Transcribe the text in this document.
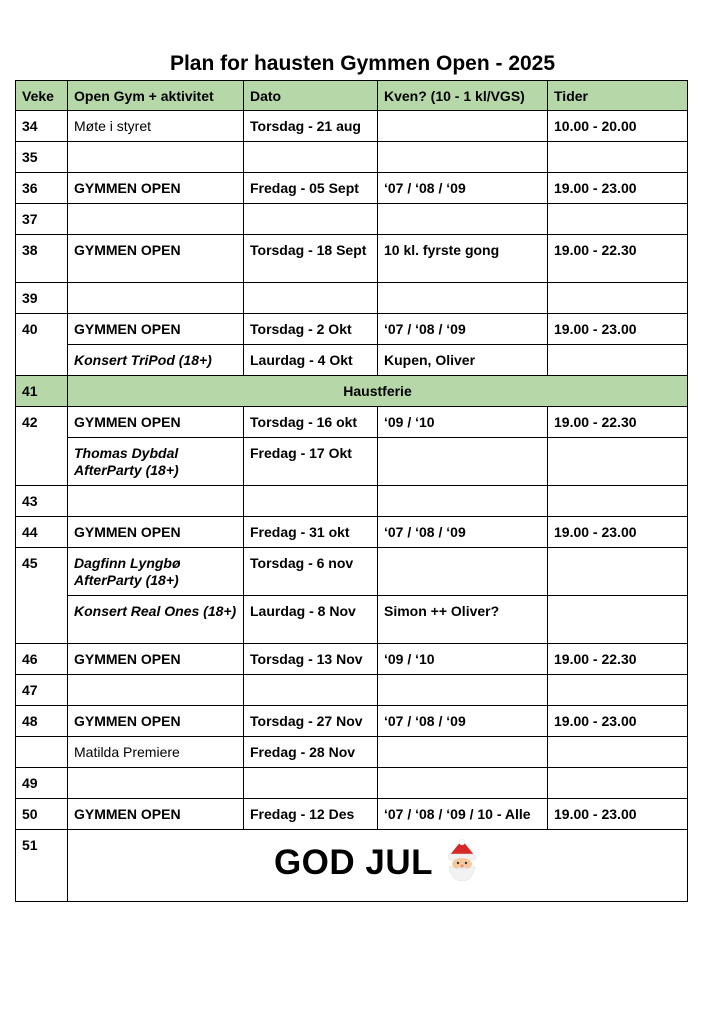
Plan for hausten Gymmen Open - 2025
Veke	Open Gym + aktivitet	Dato	Kven? (10 - 1 kl/VGS)	Tider
34	Møte i styret	Torsdag - 21 aug		10.00 - 20.00
35				
36	GYMMEN OPEN	Fredag - 05 Sept	‘07 / ‘08 / ‘09	19.00 - 23.00
37				
38	GYMMEN OPEN	Torsdag - 18 Sept	10 kl. fyrste gong	19.00 - 22.30
39				
40	GYMMEN OPEN	Torsdag - 2 Okt	‘07 / ‘08 / ‘09	19.00 - 23.00
	Konsert TriPod (18+)	Laurdag - 4 Okt	Kupen, Oliver	
41	Haustferie			
42	GYMMEN OPEN	Torsdag - 16 okt	‘09 / ‘10	19.00 - 22.30
	Thomas Dybdal AfterParty (18+)	Fredag - 17 Okt		
43				
44	GYMMEN OPEN	Fredag - 31 okt	‘07 / ‘08 / ‘09	19.00 - 23.00
45	Dagfinn Lyngbø AfterParty (18+)	Torsdag - 6 nov		
	Konsert Real Ones (18+)	Laurdag - 8 Nov	Simon ++ Oliver?	
46	GYMMEN OPEN	Torsdag - 13 Nov	‘09 / ‘10	19.00 - 22.30
47				
48	GYMMEN OPEN	Torsdag - 27 Nov	‘07 / ‘08 / ‘09	19.00 - 23.00
	Matilda Premiere	Fredag - 28 Nov		
49				
50	GYMMEN OPEN	Fredag - 12 Des	‘07 / ‘08 / ‘09 / 10 - Alle	19.00 - 23.00
51	GOD JUL			
